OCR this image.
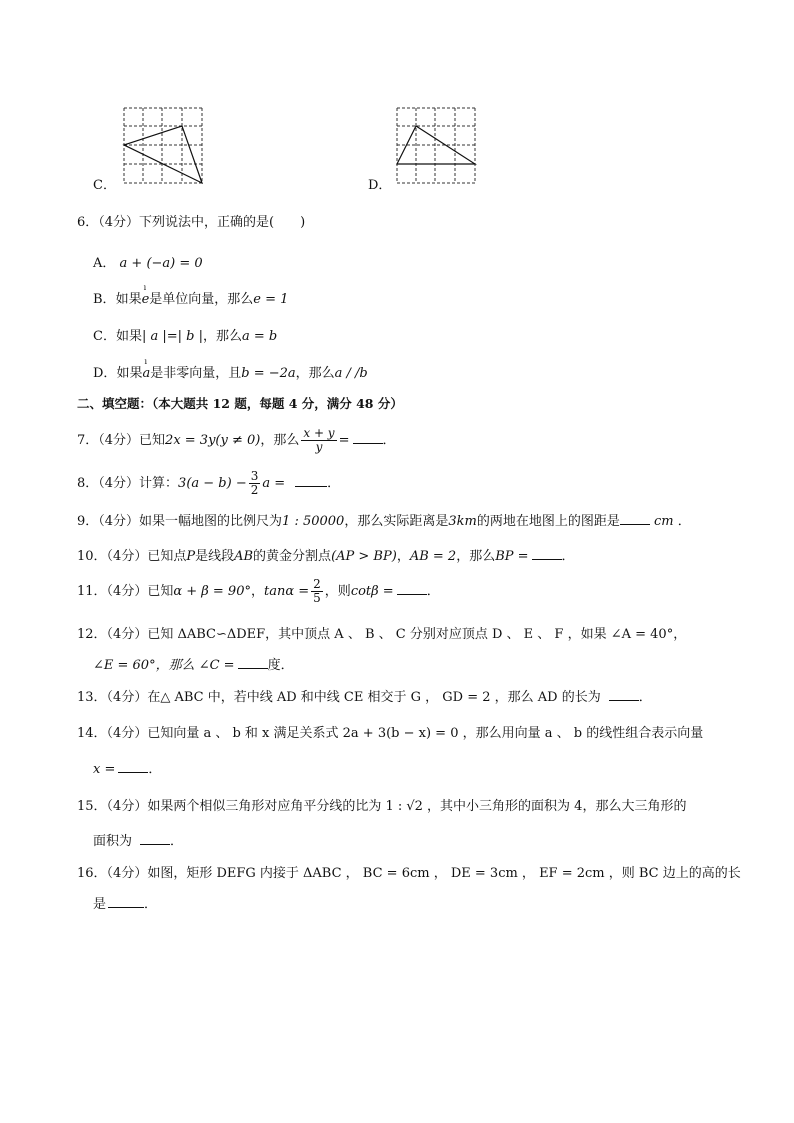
C．	D．
6．（4分）下列说法中，正确的是(　　)
A． a + (−a) = 0
B．如果ı e是单位向量，那么e = 1
C．如果| a |=| b |，那么a = b
D．如果ı a是非零向量，且b = −2a，那么a / /b
二、填空题：（本大题共 12 题，每题 4 分，满分 48 分）
7．（4分）已知2x = 3y(y ≠ 0)，那么 $\frac{x + y}{y}$ =	．
8．（4分）计算：$3(a - b) - \frac{3}{2}$ a =	．
9．（4分）如果一幅地图的比例尺为1 : 50000，那么实际距离是3km的两地在地图上的图距是	cm ．
10．（4分）已知点P是线段AB的黄金分割点(AP > BP)，AB = 2，那么BP =	．
11．（4分）已知α + β = 90°，$\tan\alpha = \frac{2}{5}$ ，则cotβ =	．
12．（4分）已知 ΔABC∽ΔDEF，其中顶点 A 、 B 、 C 分别对应顶点 D 、 E 、 F ，如果 ∠A = 40°，
∠E = 60°，那么 ∠C =	度．
13．（4分）在△ ABC 中，若中线 AD 和中线 CE 相交于 G ， GD = 2 ，那么 AD 的长为	．
14．（4分）已知向量 a 、 b 和 x 满足关系式 2a + 3(b − x) = 0 ，那么用向量 a 、 b 的线性组合表示向量
x =	．
15．（4分）如果两个相似三角形对应角平分线的比为 1 : √2 ，其中小三角形的面积为 4，那么大三角形的
面积为	．
16．（4分）如图，矩形 DEFG 内接于 ΔABC ， BC = 6cm ， DE = 3cm ， EF = 2cm ，则 BC 边上的高的长
是	．
